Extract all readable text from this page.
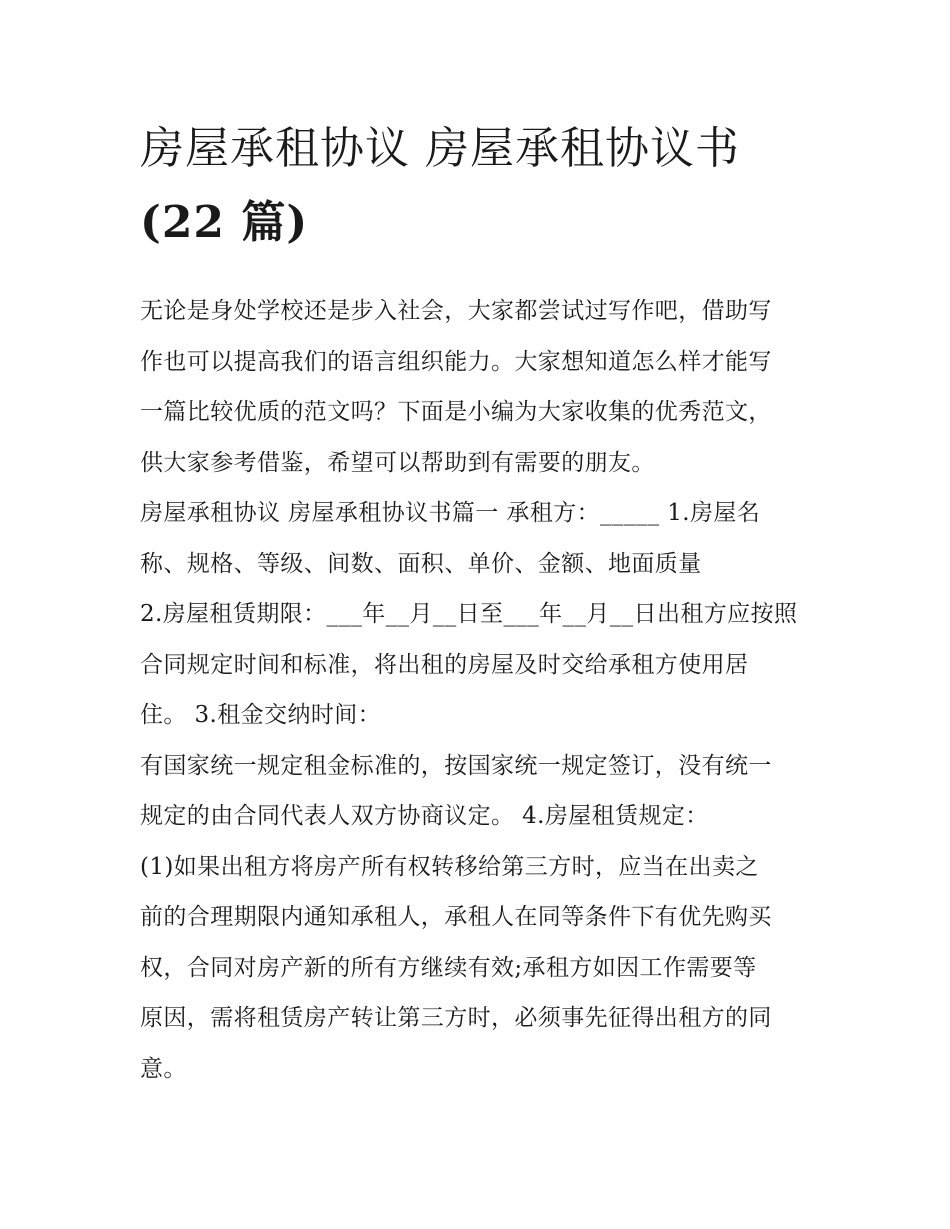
房屋承租协议 房屋承租协议书
(22 篇)
无论是身处学校还是步入社会，大家都尝试过写作吧，借助写
作也可以提高我们的语言组织能力。大家想知道怎么样才能写
一篇比较优质的范文吗？下面是小编为大家收集的优秀范文，
供大家参考借鉴，希望可以帮助到有需要的朋友。
房屋承租协议 房屋承租协议书篇一 承租方：_____ 1.房屋名
称、规格、等级、间数、面积、单价、金额、地面质量
2.房屋租赁期限：___年__月__日至___年__月__日出租方应按照
合同规定时间和标准，将出租的房屋及时交给承租方使用居
住。 3.租金交纳时间：
有国家统一规定租金标准的，按国家统一规定签订，没有统一
规定的由合同代表人双方协商议定。 4.房屋租赁规定：
(1)如果出租方将房产所有权转移给第三方时，应当在出卖之
前的合理期限内通知承租人，承租人在同等条件下有优先购买
权，合同对房产新的所有方继续有效;承租方如因工作需要等
原因，需将租赁房产转让第三方时，必须事先征得出租方的同
意。
